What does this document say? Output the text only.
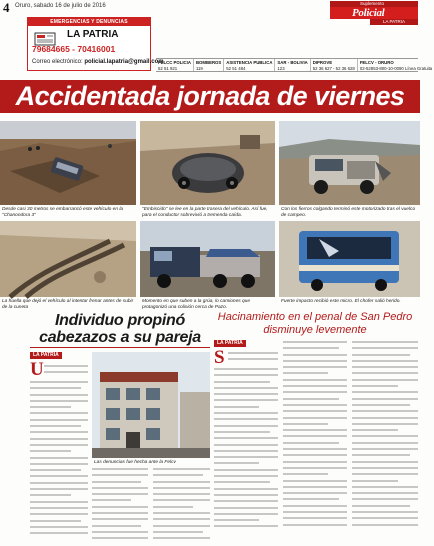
4 Oruro, sabado 16 de julio de 2016	Suplemento
Policial
LA PATRIA
EMERGENCIAS Y DENUNCIAS
LA PATRIA
79684665 - 70416001
Correo electrónico: policial.lapatria@gmail.com
FELCC POLICIA
52 51 921
BOMBEROS
119
ASISTENCIA PUBLICA
52 51 484
SAR - BOLIVIA
123
DIPROVE
52 36 627 - 52 36 628
FELCV - ORURO
02-52853-800-10-0090 Línea Gratuita
Accidentada jornada de viernes
Desde casi 30 metros se embarrancó este vehículo en la "Chanondora 3"
"Embiscido" se lee en la parte trasera del vehículo. Así fue, para el conductor sobrevivió a tremenda caída.
Con los fierros colgando terminó este motorizado tras el vuelco de campeo.
La huella que dejó el vehículo al intentar frenar antes de subir de la cuneta
Momento en que suben a la grúa, lo camiones que protagonizó una colisión cerca de Pazo.
Fuerte impacto recibió este micro. El chofer salió herido.
Individuo propinó cabezazos a su pareja
Hacinamiento en el penal de San Pedro disminuye levemente
LA PATRIA
U
Las denuncias fue hecha ante la Felcv
LA PATRIA
S
